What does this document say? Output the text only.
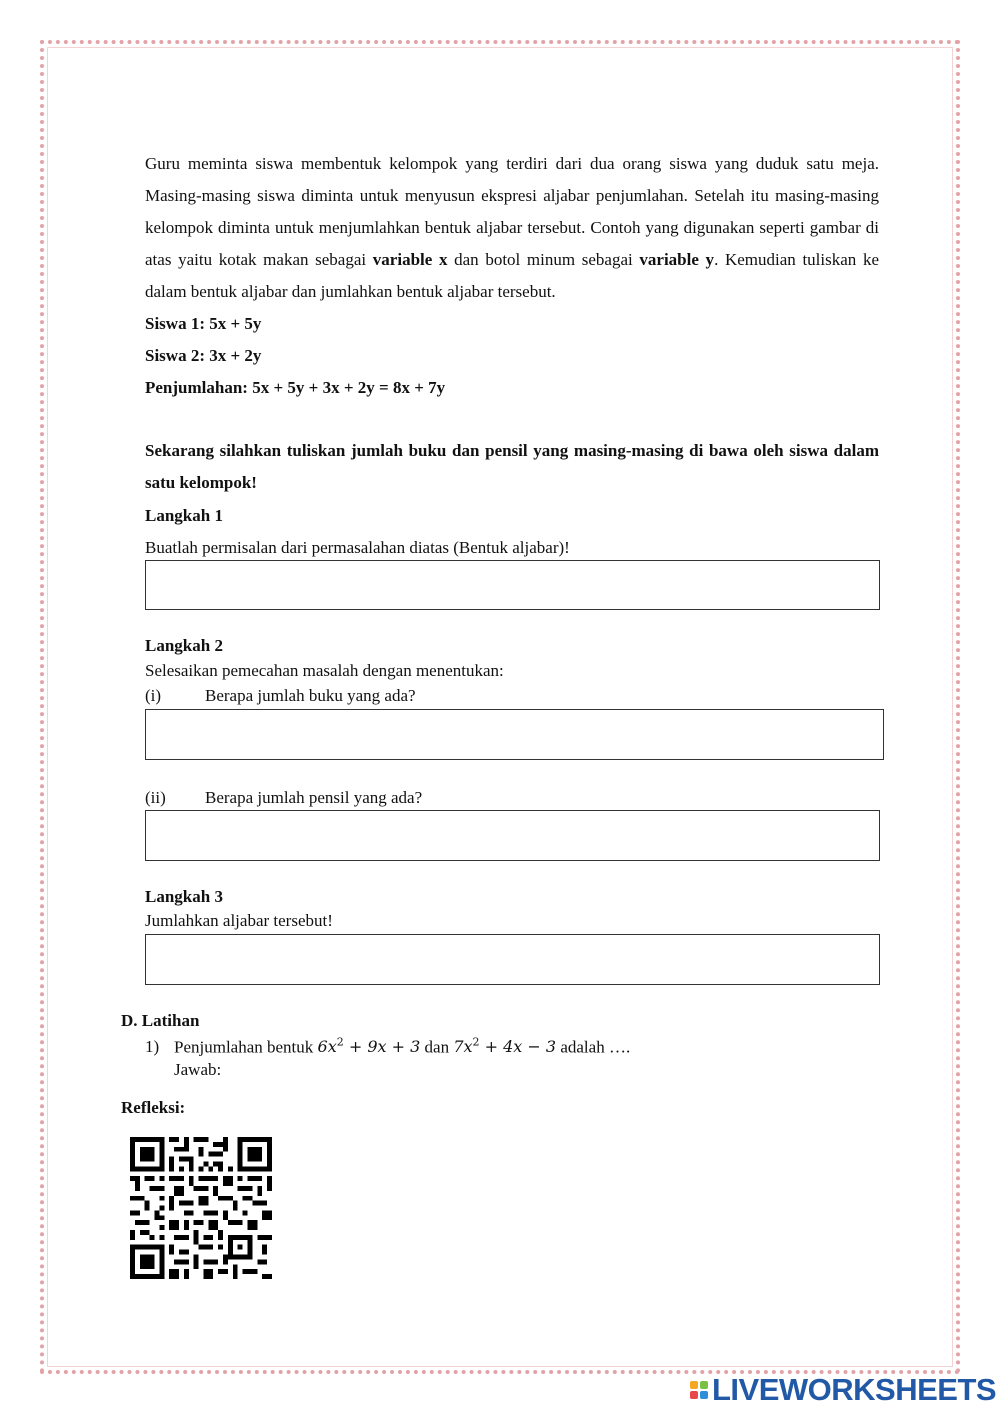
Guru meminta siswa membentuk kelompok yang terdiri dari dua orang siswa yang duduk satu meja. Masing-masing siswa diminta untuk menyusun ekspresi aljabar penjumlahan. Setelah itu masing-masing kelompok diminta untuk menjumlahkan bentuk aljabar tersebut. Contoh yang digunakan seperti gambar di atas yaitu kotak makan sebagai variable x dan botol minum sebagai variable y. Kemudian tuliskan ke dalam bentuk aljabar dan jumlahkan bentuk aljabar tersebut.
Siswa 1: 5x + 5y
Siswa 2: 3x + 2y
Penjumlahan: 5x + 5y + 3x + 2y = 8x + 7y
Sekarang silahkan tuliskan jumlah buku dan pensil yang masing-masing di bawa oleh siswa dalam satu kelompok!
Langkah 1
Buatlah permisalan dari permasalahan diatas (Bentuk aljabar)!
Langkah 2
Selesaikan pemecahan masalah dengan menentukan:
(i)	Berapa jumlah buku yang ada?
(ii) Berapa jumlah pensil yang ada?
Langkah 3
Jumlahkan aljabar tersebut!
D. Latihan
1) Penjumlahan bentuk $6x^2 + 9x + 3$ dan $7x^2 + 4x - 3$ adalah ….
Jawab:
Refleksi:
LIVEWORKSHEETS
